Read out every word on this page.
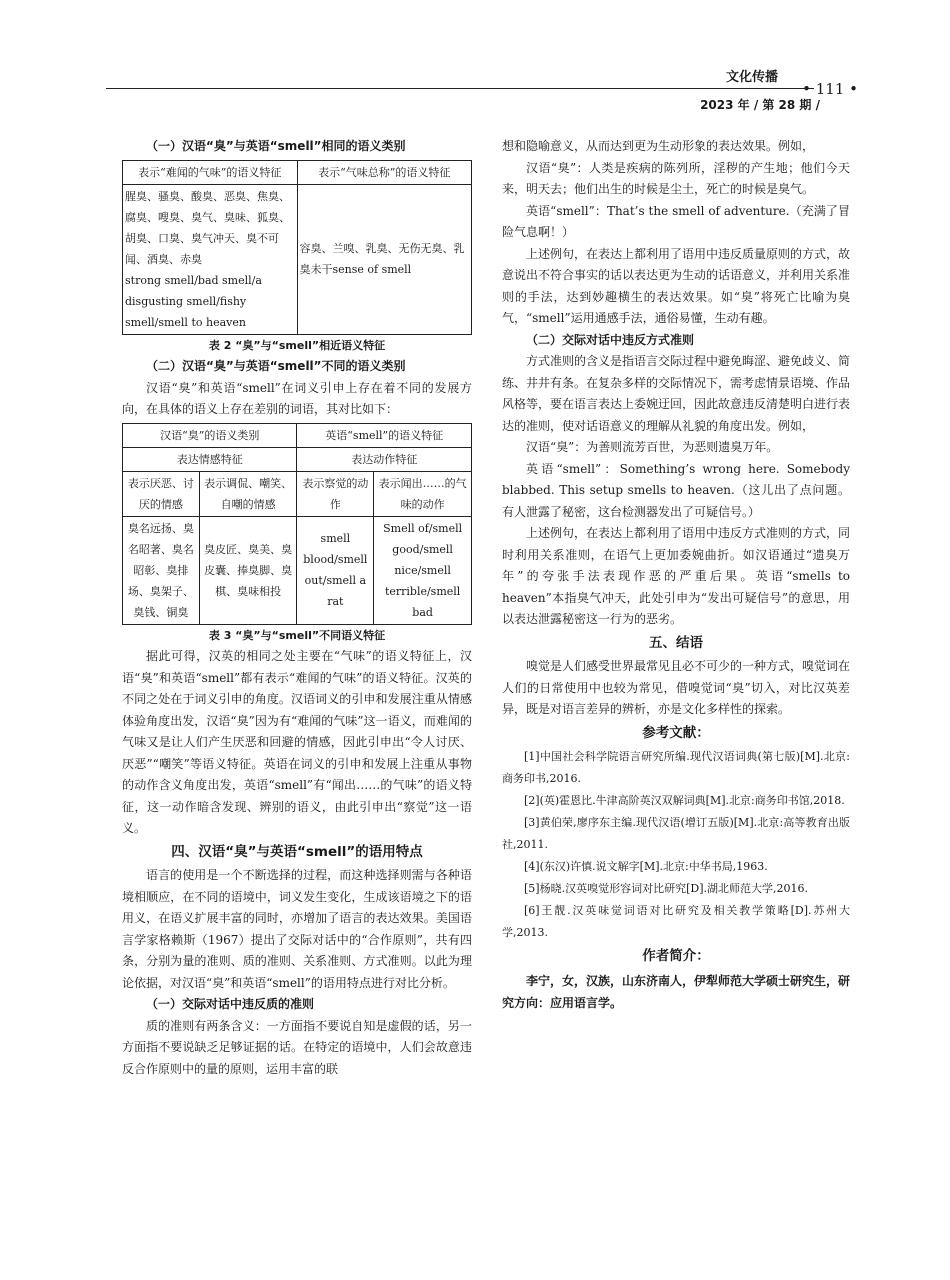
文化传播
• 111 •
2023 年 / 第 28 期 /

（一）汉语“臭”与英语“smell”相同的语义类别

表示“难闻的气味”的语义特征	表示“气味总称”的语义特征
腥臭、骚臭、酸臭、恶臭、焦臭、腐臭、嗖臭、臭气、臭味、狐臭、胡臭、口臭、臭气冲天、臭不可闻、酒臭、赤臭
strong smell/bad smell/a disgusting smell/fishy smell/smell to heaven	容臭、兰嗅、乳臭、无伤无臭、乳臭未干sense of smell

表 2 “臭”与“smell”相近语义特征

（二）汉语“臭”与英语“smell”不同的语义类别

汉语“臭”和英语“smell”在词义引申上存在着不同的发展方向，在具体的语义上存在差别的词语，其对比如下：

汉语“臭”的语义类别		英语“smell”的语义特征	
表达情感特征		表达动作特征	
表示厌恶、讨厌的情感	表示调侃、嘲笑、自嘲的情感	表示察觉的动作	表示闻出……的气味的动作
臭名远扬、臭名昭著、臭名昭彰、臭排场、臭架子、臭钱、铜臭	臭皮匠、臭美、臭皮囊、捧臭脚、臭棋、臭味相投	smell blood/smell out/smell a rat	Smell of/smell good/smell nice/smell terrible/smell bad

表 3 “臭”与“smell”不同语义特征

据此可得，汉英的相同之处主要在“气味”的语义特征上，汉语“臭”和英语“smell”都有表示“难闻的气味”的语义特征。汉英的不同之处在于词义引申的角度。汉语词义的引申和发展注重从情感体验角度出发，汉语“臭”因为有“难闻的气味”这一语义，而难闻的气味又是让人们产生厌恶和回避的情感，因此引申出“令人讨厌、厌恶”“嘲笑”等语义特征。英语在词义的引申和发展上注重从事物的动作含义角度出发，英语“smell”有“闻出……的气味”的语义特征，这一动作暗含发现、辨别的语义，由此引申出“察觉”这一语义。

四、汉语“臭”与英语“smell”的语用特点

语言的使用是一个不断选择的过程，而这种选择则需与各种语境相顺应，在不同的语境中，词义发生变化，生成该语境之下的语用义，在语义扩展丰富的同时，亦增加了语言的表达效果。美国语言学家格赖斯（1967）提出了交际对话中的“合作原则”，共有四条，分别为量的准则、质的准则、关系准则、方式准则。以此为理论依据，对汉语“臭”和英语“smell”的语用特点进行对比分析。

（一）交际对话中违反质的准则

质的准则有两条含义：一方面指不要说自知是虚假的话，另一方面指不要说缺乏足够证据的话。在特定的语境中，人们会故意违反合作原则中的量的原则，运用丰富的联

想和隐喻意义，从而达到更为生动形象的表达效果。例如，

汉语“臭”：人类是疾病的陈列所，淫秽的产生地；他们今天来，明天去；他们出生的时候是尘土，死亡的时候是臭气。

英语“smell”：That’s the smell of adventure.（充满了冒险气息啊！）

上述例句，在表达上都利用了语用中违反质量原则的方式，故意说出不符合事实的话以表达更为生动的话语意义，并利用关系准则的手法，达到妙趣横生的表达效果。如“臭”将死亡比喻为臭气，“smell”运用通感手法，通俗易懂，生动有趣。

（二）交际对话中违反方式准则

方式准则的含义是指语言交际过程中避免晦涩、避免歧义、简练、井井有条。在复杂多样的交际情况下，需考虑情景语境、作品风格等，要在语言表达上委婉迂回，因此故意违反清楚明白进行表达的准则，使对话语意义的理解从礼貌的角度出发。例如，

汉语“臭”：为善则流芳百世，为恶则遗臭万年。

英语“smell”：Something’s wrong here. Somebody blabbed. This setup smells to heaven.（这儿出了点问题。有人泄露了秘密，这台检测器发出了可疑信号。）

上述例句，在表达上都利用了语用中违反方式准则的方式，同时利用关系准则，在语气上更加委婉曲折。如汉语通过“遗臭万年”的夸张手法表现作恶的严重后果。英语“smells to heaven”本指臭气冲天，此处引申为“发出可疑信号”的意思，用以表达泄露秘密这一行为的恶劣。

五、结语

嗅觉是人们感受世界最常见且必不可少的一种方式，嗅觉词在人们的日常使用中也较为常见，借嗅觉词“臭”切入，对比汉英差异，既是对语言差异的辨析，亦是文化多样性的探索。

参考文献：

[1]中国社会科学院语言研究所编.现代汉语词典(第七版)[M].北京:商务印书,2016.

[2](英)霍恩比.牛津高阶英汉双解词典[M].北京:商务印书馆,2018.

[3]黄伯荣,廖序东主编.现代汉语(增订五版)[M].北京:高等教育出版社,2011.

[4](东汉)许慎.说文解字[M].北京:中华书局,1963.

[5]杨晓.汉英嗅觉形容词对比研究[D].湖北师范大学,2016.

[6]王靓.汉英味觉词语对比研究及相关教学策略[D].苏州大学,2013.

作者简介：

李宁，女，汉族，山东济南人，伊犁师范大学硕士研究生，研究方向：应用语言学。
